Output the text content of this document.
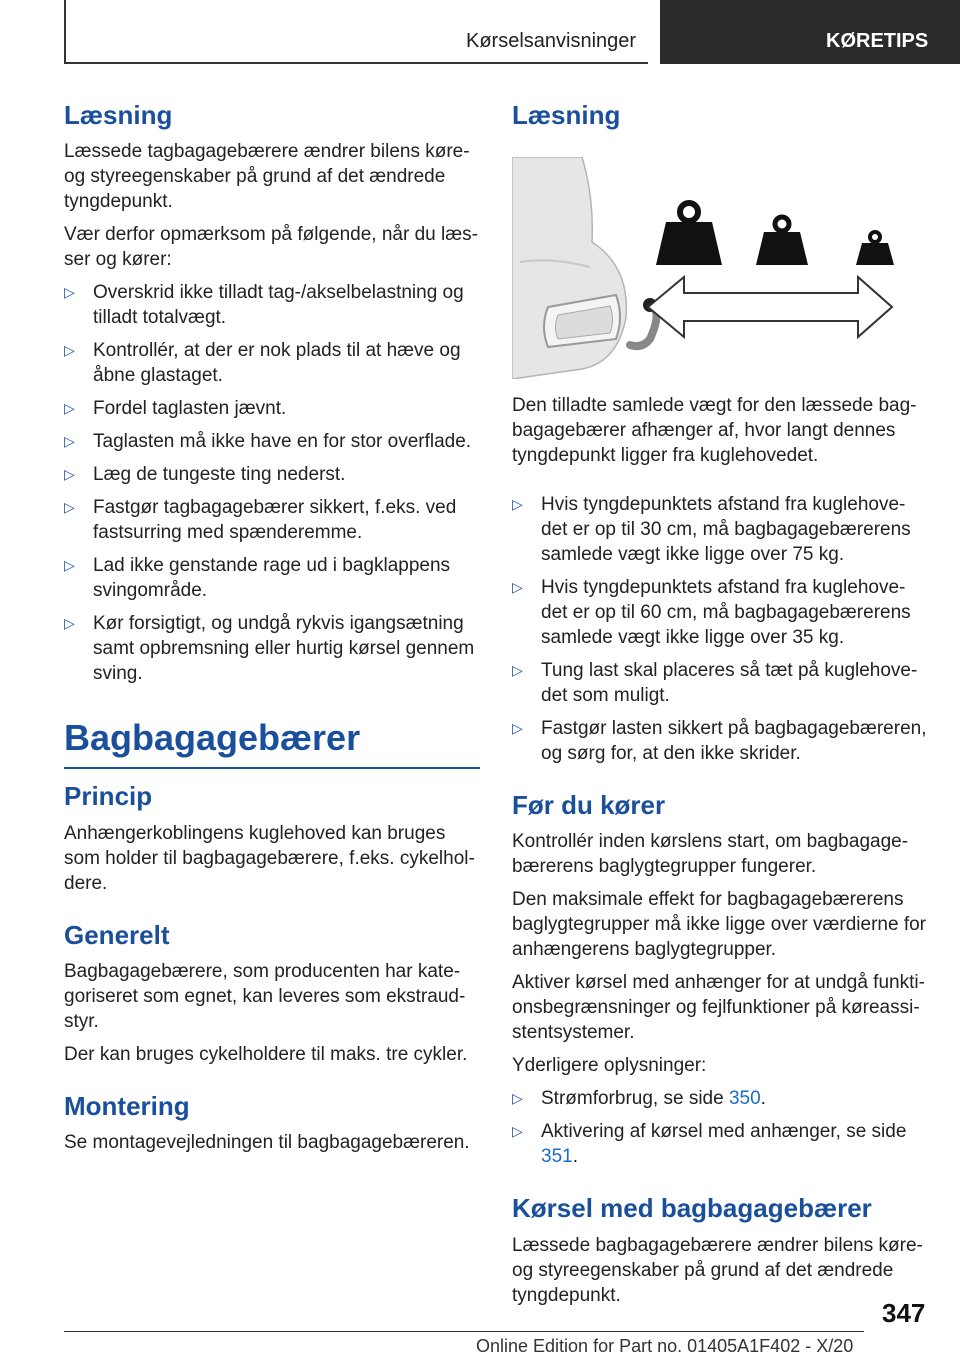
Kørselsanvisninger	KØRETIPS
Læsning

Læssede tagbagagebærere ændrer bilens køre- og styreegenskaber på grund af det ændrede tyngdepunkt.

Vær derfor opmærksom på følgende, når du læs- ser og kører:

▷ Overskrid ikke tilladt tag-/akselbelastning og tilladt totalvægt.
▷ Kontrollér, at der er nok plads til at hæve og åbne glastaget.
▷ Fordel taglasten jævnt.
▷ Taglasten må ikke have en for stor overflade.
▷ Læg de tungeste ting nederst.
▷ Fastgør tagbagagebærer sikkert, f.eks. ved fastsurring med spænderemme.
▷ Lad ikke genstande rage ud i bagklappens svingområde.
▷ Kør forsigtigt, og undgå rykvis igangsætning samt opbremsning eller hurtig kørsel gennem sving.
Bagbagagebærer
Princip

Anhængerkoblingens kuglehoved kan bruges som holder til bagbagagebærere, f.eks. cykelhol- dere.

Generelt

Bagbagagebærere, som producenten har kate- goriseret som egnet, kan leveres som ekstraud- styr.

Der kan bruges cykelholdere til maks. tre cykler.

Montering

Se montagevejledningen til bagbagagebæreren.

Læsning

Den tilladte samlede vægt for den læssede bag- bagagebærer afhænger af, hvor langt dennes tyngdepunkt ligger fra kuglehovedet.

▷ Hvis tyngdepunktets afstand fra kuglehove- det er op til 30 cm, må bagbagagebærerens samlede vægt ikke ligge over 75 kg.
▷ Hvis tyngdepunktets afstand fra kuglehove- det er op til 60 cm, må bagbagagebærerens samlede vægt ikke ligge over 35 kg.
▷ Tung last skal placeres så tæt på kuglehove- det som muligt.
▷ Fastgør lasten sikkert på bagbagagebæreren, og sørg for, at den ikke skrider.
Før du kører

Kontrollér inden kørslens start, om bagbagage- bærerens baglygtegrupper fungerer.

Den maksimale effekt for bagbagagebærerens baglygtegrupper må ikke ligge over værdierne for anhængerens baglygtegrupper.

Aktiver kørsel med anhænger for at undgå funkti- onsbegrænsninger og fejlfunktioner på køreassi- stentsystemer.

Yderligere oplysninger:

▷ Strømforbrug, se side 350.
▷ Aktivering af kørsel med anhænger, se side 351.
Kørsel med bagbagagebærer

Læssede bagbagagebærere ændrer bilens køre- og styreegenskaber på grund af det ændrede tyngdepunkt.

347
Online Edition for Part no. 01405A1F402 - X/20
